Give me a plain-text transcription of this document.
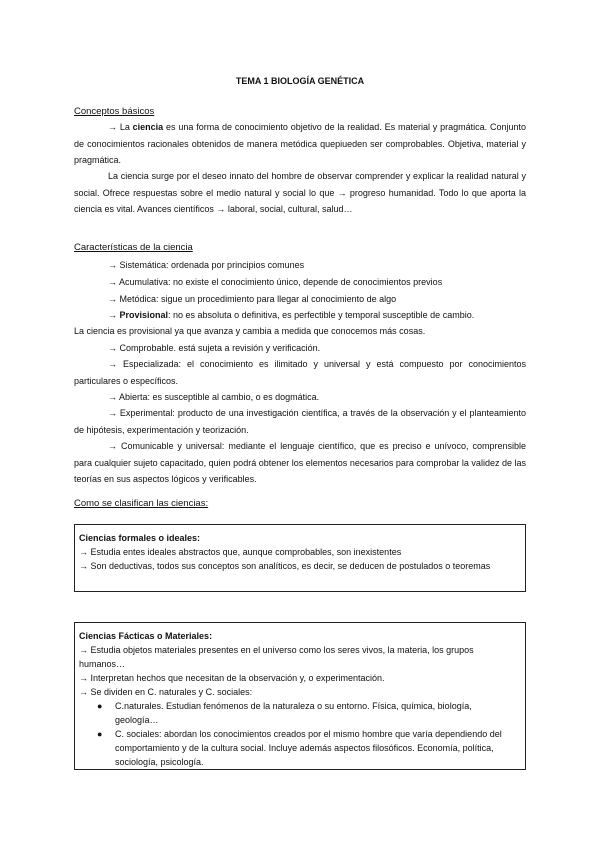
TEMA 1 BIOLOGÍA GENÉTICA
Conceptos básicos
→ La ciencia es una forma de conocimiento objetivo de la realidad. Es material y pragmática. Conjunto de conocimientos racionales obtenidos de manera metódica quepiueden ser comprobables. Objetiva, material y pragmática.
La ciencia surge por el deseo innato del hombre de observar comprender y explicar la realidad natural y social. Ofrece respuestas sobre el medio natural y social lo que → progreso humanidad. Todo lo que aporta la ciencia es vital. Avances científicos → laboral, social, cultural, salud…
Características de la ciencia
→ Sistemática: ordenada por principios comunes
→ Acumulativa: no existe el conocimiento único, depende de conocimientos previos
→ Metódica: sigue un procedimiento para llegar al conocimiento de algo
→ Provisional: no es absoluta o definitiva, es perfectible y temporal susceptible de cambio.
La ciencia es provisional ya que avanza y cambia a medida que conocemos más cosas.
→ Comprobable. está sujeta a revisión y verificación.
→ Especializada: el conocimiento es ilimitado y universal y está compuesto por conocimientos particulares o específicos.
→ Abierta: es susceptible al cambio, o es dogmática.
→ Experimental: producto de una investigación científica, a través de la observación y el planteamiento de hipótesis, experimentación y teorización.
→ Comunicable y universal: mediante el lenguaje científico, que es preciso e unívoco, comprensible para cualquier sujeto capacitado, quien podrá obtener los elementos necesarios para comprobar la validez de las teorías en sus aspectos lógicos y verificables.
Como se clasifican las ciencias:
Ciencias formales o ideales:
→ Estudia entes ideales abstractos que, aunque comprobables, son inexistentes
→ Son deductivas, todos sus conceptos son analíticos, es decir, se deducen de postulados o teoremas
Ciencias Fácticas o Materiales:
→ Estudia objetos materiales presentes en el universo como los seres vivos, la materia, los grupos humanos…
→ Interpretan hechos que necesitan de la observación y, o experimentación.
→ Se dividen en C. naturales y C. sociales:
● C.naturales. Estudian fenómenos de la naturaleza o su entorno. Física, química, biología, geología…
● C. sociales: abordan los conocimientos creados por el mismo hombre que varía dependiendo del comportamiento y de la cultura social. Incluye además aspectos filosóficos. Economía, política, sociología, psicología.
